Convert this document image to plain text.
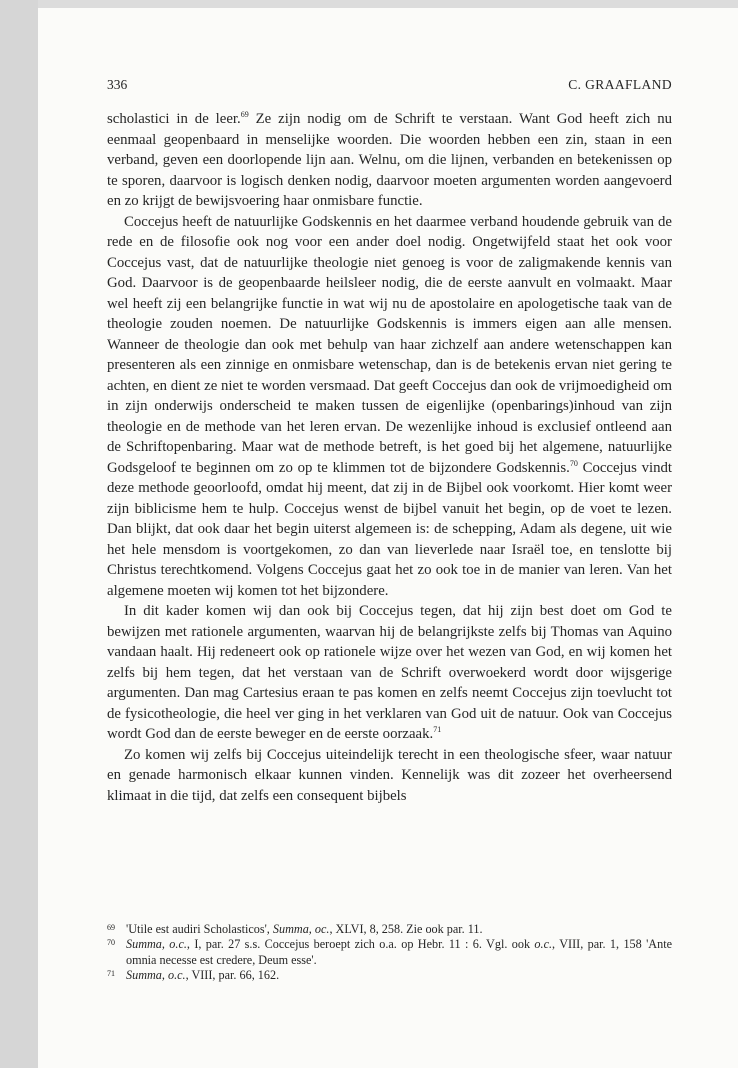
336	C. GRAAFLAND

scholastici in de leer.$^{69}$ Ze zijn nodig om de Schrift te verstaan. Want God heeft zich nu eenmaal geopenbaard in menselijke woorden. Die woorden hebben een zin, staan in een verband, geven een doorlopende lijn aan. Welnu, om die lijnen, verbanden en betekenissen op te sporen, daarvoor is logisch denken nodig, daarvoor moeten argumenten worden aangevoerd en zo krijgt de bewijsvoering haar onmisbare functie.

Coccejus heeft de natuurlijke Godskennis en het daarmee verband houdende gebruik van de rede en de filosofie ook nog voor een ander doel nodig. Ongetwijfeld staat het ook voor Coccejus vast, dat de natuurlijke theologie niet genoeg is voor de zaligmakende kennis van God. Daarvoor is de geopenbaarde heilsleer nodig, die de eerste aanvult en volmaakt. Maar wel heeft zij een belangrijke functie in wat wij nu de apostolaire en apologetische taak van de theologie zouden noemen. De natuurlijke Godskennis is immers eigen aan alle mensen. Wanneer de theologie dan ook met behulp van haar zichzelf aan andere wetenschappen kan presenteren als een zinnige en onmisbare wetenschap, dan is de betekenis ervan niet gering te achten, en dient ze niet te worden versmaad. Dat geeft Coccejus dan ook de vrijmoedigheid om in zijn onderwijs onderscheid te maken tussen de eigenlijke (openbarings)inhoud van zijn theologie en de methode van het leren ervan. De wezenlijke inhoud is exclusief ontleend aan de Schriftopenbaring. Maar wat de methode betreft, is het goed bij het algemene, natuurlijke Godsgeloof te beginnen om zo op te klimmen tot de bijzondere Godskennis.$^{70}$ Coccejus vindt deze methode geoorloofd, omdat hij meent, dat zij in de Bijbel ook voorkomt. Hier komt weer zijn biblicisme hem te hulp. Coccejus wenst de bijbel vanuit het begin, op de voet te lezen. Dan blijkt, dat ook daar het begin uiterst algemeen is: de schepping, Adam als degene, uit wie het hele mensdom is voortgekomen, zo dan van lieverlede naar Israël toe, en tenslotte bij Christus terechtkomend. Volgens Coccejus gaat het zo ook toe in de manier van leren. Van het algemene moeten wij komen tot het bijzondere.

In dit kader komen wij dan ook bij Coccejus tegen, dat hij zijn best doet om God te bewijzen met rationele argumenten, waarvan hij de belangrijkste zelfs bij Thomas van Aquino vandaan haalt. Hij redeneert ook op rationele wijze over het wezen van God, en wij komen het zelfs bij hem tegen, dat het verstaan van de Schrift overwoekerd wordt door wijsgerige argumenten. Dan mag Cartesius eraan te pas komen en zelfs neemt Coccejus zijn toevlucht tot de fysicotheologie, die heel ver ging in het verklaren van God uit de natuur. Ook van Coccejus wordt God dan de eerste beweger en de eerste oorzaak.$^{71}$

Zo komen wij zelfs bij Coccejus uiteindelijk terecht in een theologische sfeer, waar natuur en genade harmonisch elkaar kunnen vinden. Kennelijk was dit zozeer het overheersend klimaat in die tijd, dat zelfs een consequent bijbels

69 'Utile est audiri Scholasticos', Summa, oc., XLVI, 8, 258. Zie ook par. 11.

70 Summa, o.c., I, par. 27 s.s. Coccejus beroept zich o.a. op Hebr. 11 : 6. Vgl. ook o.c., VIII, par. 1, 158 'Ante omnia necesse est credere, Deum esse'.

71 Summa, o.c., VIII, par. 66, 162.
